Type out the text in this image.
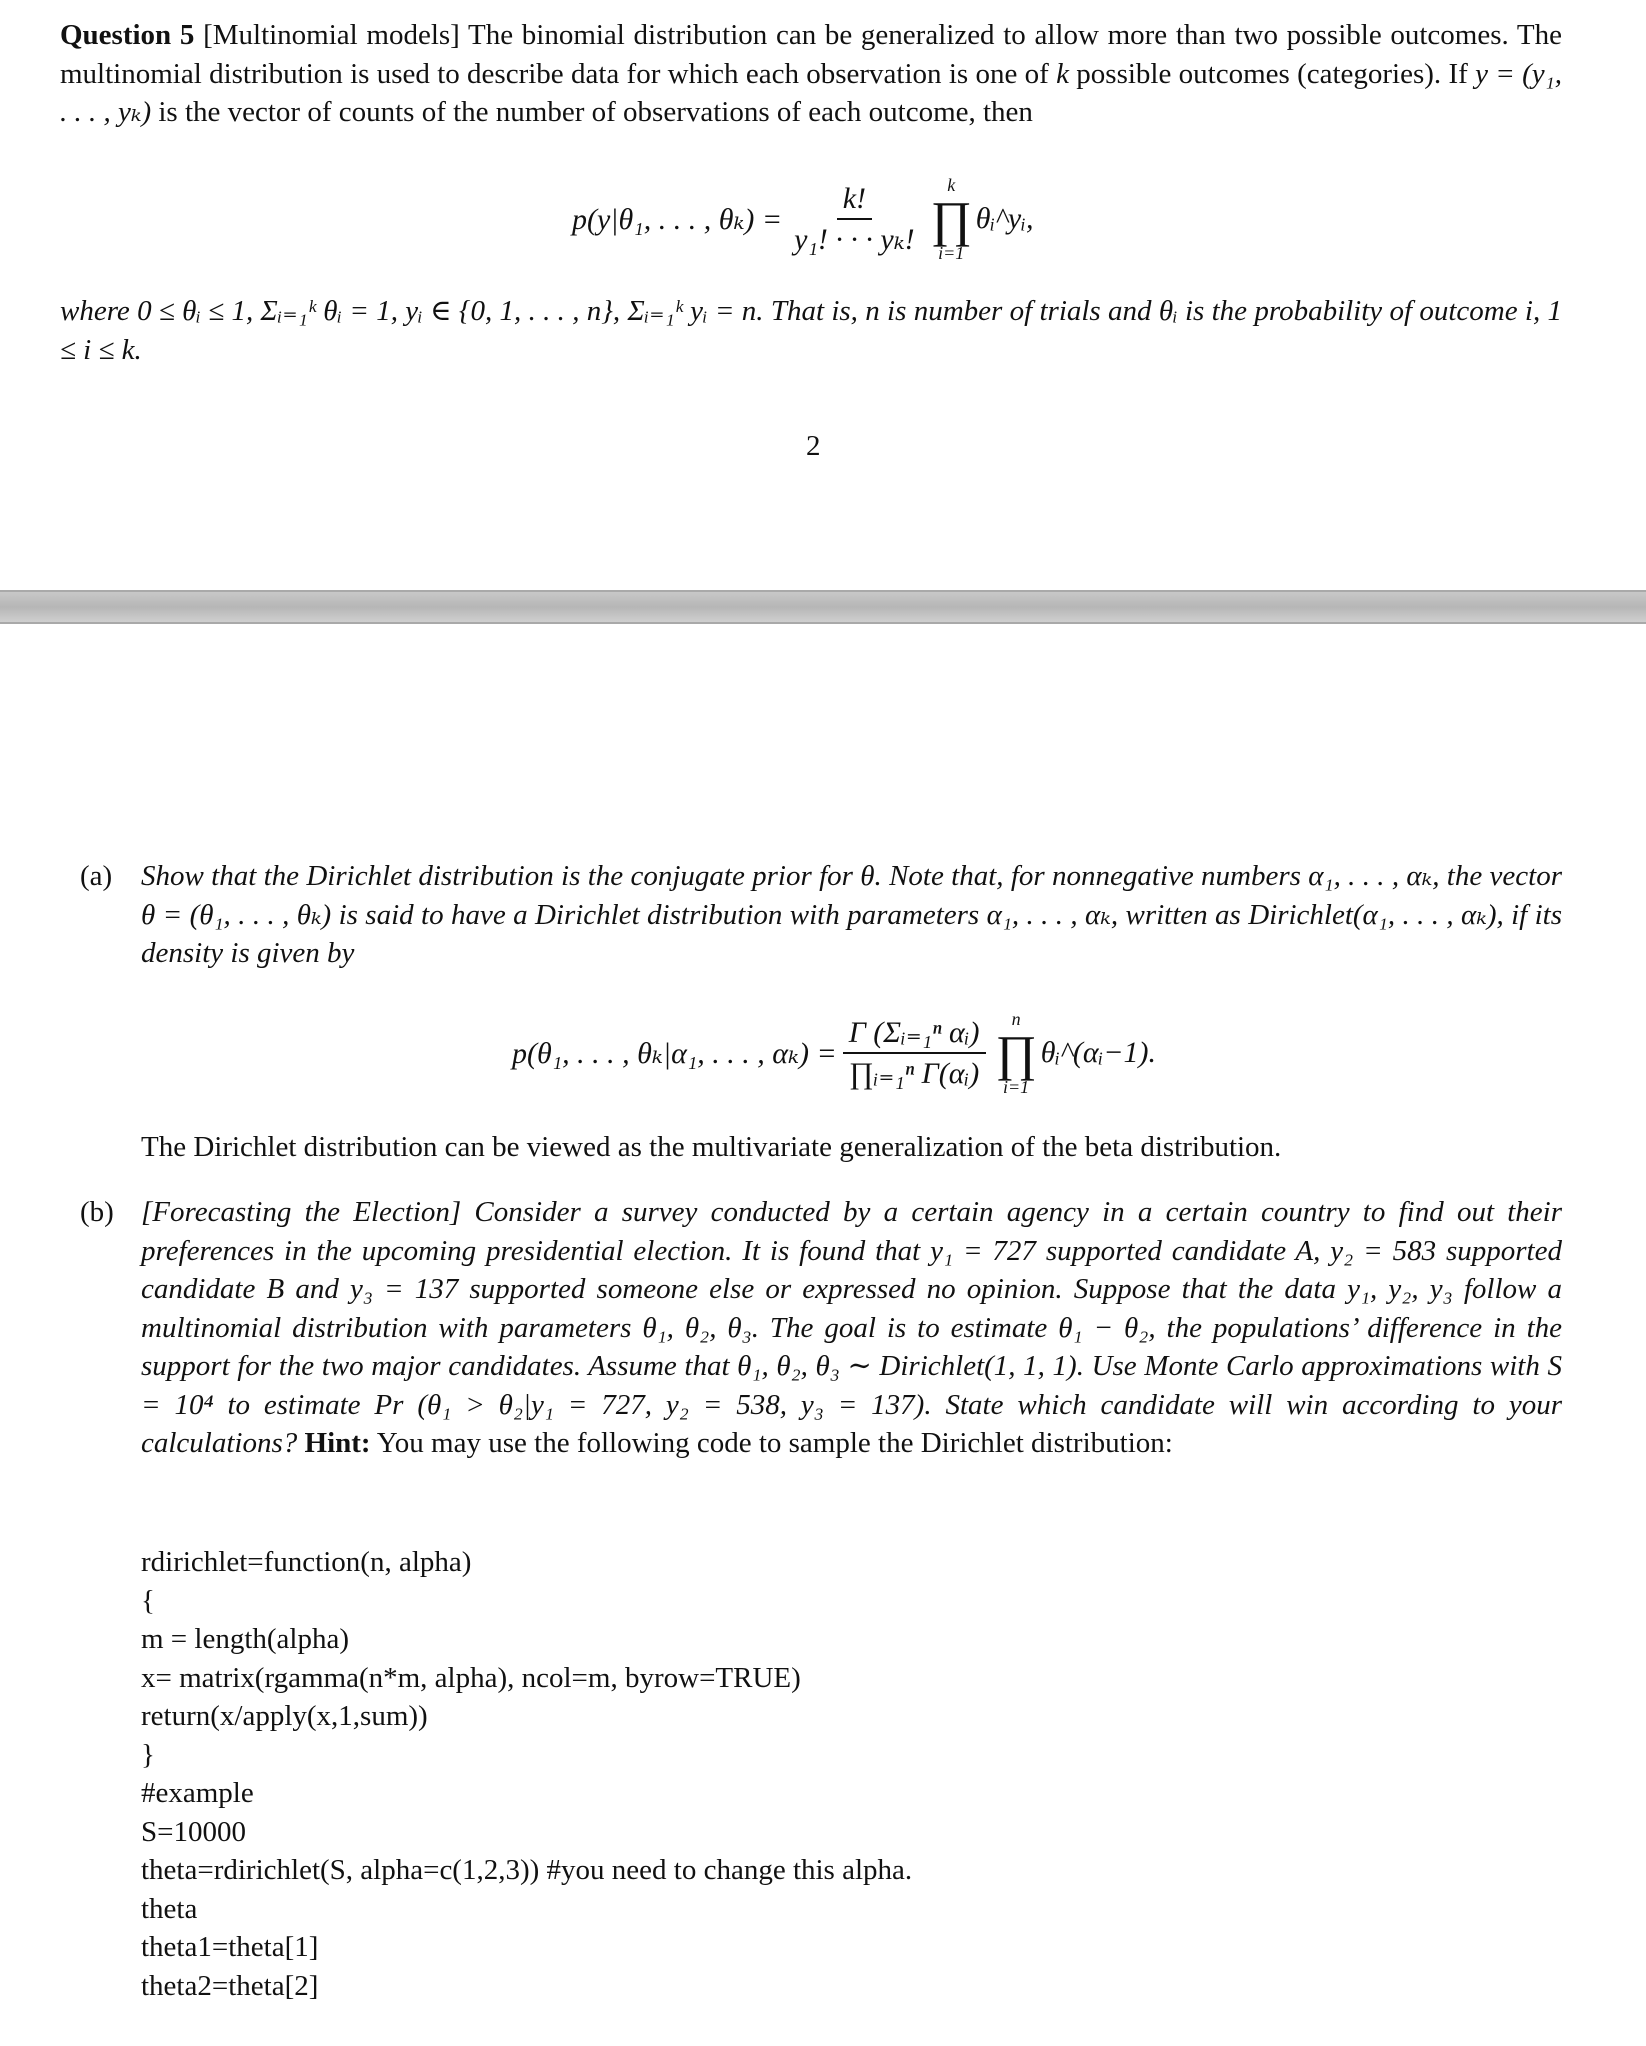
Question 5 [Multinomial models] The binomial distribution can be generalized to allow more than two possible outcomes. The multinomial distribution is used to describe data for which each observation is one of k possible outcomes (categories). If y = (y₁, . . . , yₖ) is the vector of counts of the number of observations of each outcome, then

p(y|θ₁, . . . , $\theta_k) = \frac{k!}{\text{y₁! · · · yₖ!}}$ k
∏
i=1
θᵢ^yᵢ,

where 0 ≤ θᵢ ≤ 1, Σᵢ₌₁ᵏ θᵢ = 1, yᵢ ∈ {0, 1, . . . , n}, Σᵢ₌₁ᵏ yᵢ = n. That is, n is number of trials and θᵢ is the probability of outcome i, 1 ≤ i ≤ k.

2
(a) Show that the Dirichlet distribution is the conjugate prior for θ. Note that, for nonnegative numbers α₁, . . . , αₖ, the vector θ = (θ₁, . . . , θₖ) is said to have a Dirichlet distribution with parameters α₁, . . . , αₖ, written as Dirichlet(α₁, . . . , αₖ), if its density is given by
p(θ₁, . . . , θₖ|α₁, . . . , $\alpha_k) = \frac{\text{Γ (Σᵢ₌₁ⁿ αᵢ)}}{\text{∏ᵢ₌₁ⁿ Γ(αᵢ)}}$ n
∏
i=1
θᵢ^(αᵢ−1).

The Dirichlet distribution can be viewed as the multivariate generalization of the beta distribution.

(b) [Forecasting the Election] Consider a survey conducted by a certain agency in a certain country to find out their preferences in the upcoming presidential election. It is found that y₁ = 727 supported candidate A, y₂ = 583 supported candidate B and y₃ = 137 supported someone else or expressed no opinion. Suppose that the data y₁, y₂, y₃ follow a multinomial distribution with parameters θ₁, θ₂, θ₃. The goal is to estimate θ₁ − θ₂, the populations’ difference in the support for the two major candidates. Assume that θ₁, θ₂, θ₃ ∼ Dirichlet(1, 1, 1). Use Monte Carlo approximations with S = 10⁴ to estimate Pr (θ₁ > θ₂|y₁ = 727, y₂ = 538, y₃ = 137). State which candidate will win according to your calculations? Hint: You may use the following code to sample the Dirichlet distribution:
rdirichlet=function(n, alpha)
{
m = length(alpha)
x= matrix(rgamma(n*m, alpha), ncol=m, byrow=TRUE)
return(x/apply(x,1,sum))
}
#example
S=10000
theta=rdirichlet(S, alpha=c(1,2,3)) #you need to change this alpha.
theta
theta1=theta[1]
theta2=theta[2]
